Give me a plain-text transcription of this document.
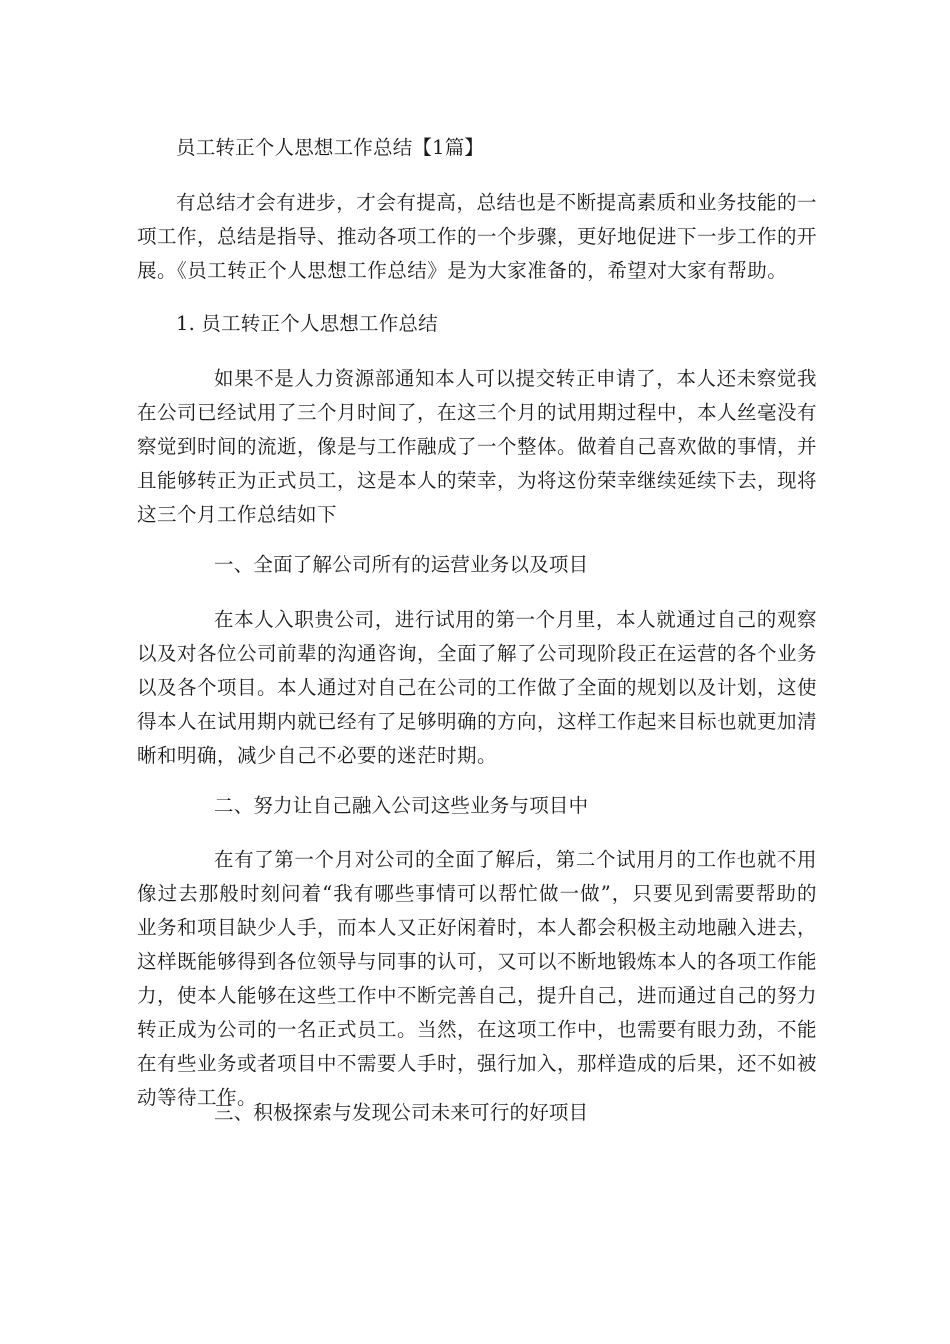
员工转正个人思想工作总结【1篇】
有总结才会有进步，才会有提高，总结也是不断提高素质和业务技能的一项工作，总结是指导、推动各项工作的一个步骤，更好地促进下一步工作的开展。《员工转正个人思想工作总结》是为大家准备的，希望对大家有帮助。
1. 员工转正个人思想工作总结
如果不是人力资源部通知本人可以提交转正申请了，本人还未察觉我在公司已经试用了三个月时间了，在这三个月的试用期过程中，本人丝毫没有察觉到时间的流逝，像是与工作融成了一个整体。做着自己喜欢做的事情，并且能够转正为正式员工，这是本人的荣幸，为将这份荣幸继续延续下去，现将这三个月工作总结如下
一、全面了解公司所有的运营业务以及项目
在本人入职贵公司，进行试用的第一个月里，本人就通过自己的观察以及对各位公司前辈的沟通咨询，全面了解了公司现阶段正在运营的各个业务以及各个项目。本人通过对自己在公司的工作做了全面的规划以及计划，这使得本人在试用期内就已经有了足够明确的方向，这样工作起来目标也就更加清晰和明确，减少自己不必要的迷茫时期。
二、努力让自己融入公司这些业务与项目中
在有了第一个月对公司的全面了解后，第二个试用月的工作也就不用像过去那般时刻问着“我有哪些事情可以帮忙做一做”，只要见到需要帮助的业务和项目缺少人手，而本人又正好闲着时，本人都会积极主动地融入进去，这样既能够得到各位领导与同事的认可，又可以不断地锻炼本人的各项工作能力，使本人能够在这些工作中不断完善自己，提升自己，进而通过自己的努力转正成为公司的一名正式员工。当然，在这项工作中，也需要有眼力劲，不能在有些业务或者项目中不需要人手时，强行加入，那样造成的后果，还不如被动等待工作。
三、积极探索与发现公司未来可行的好项目
